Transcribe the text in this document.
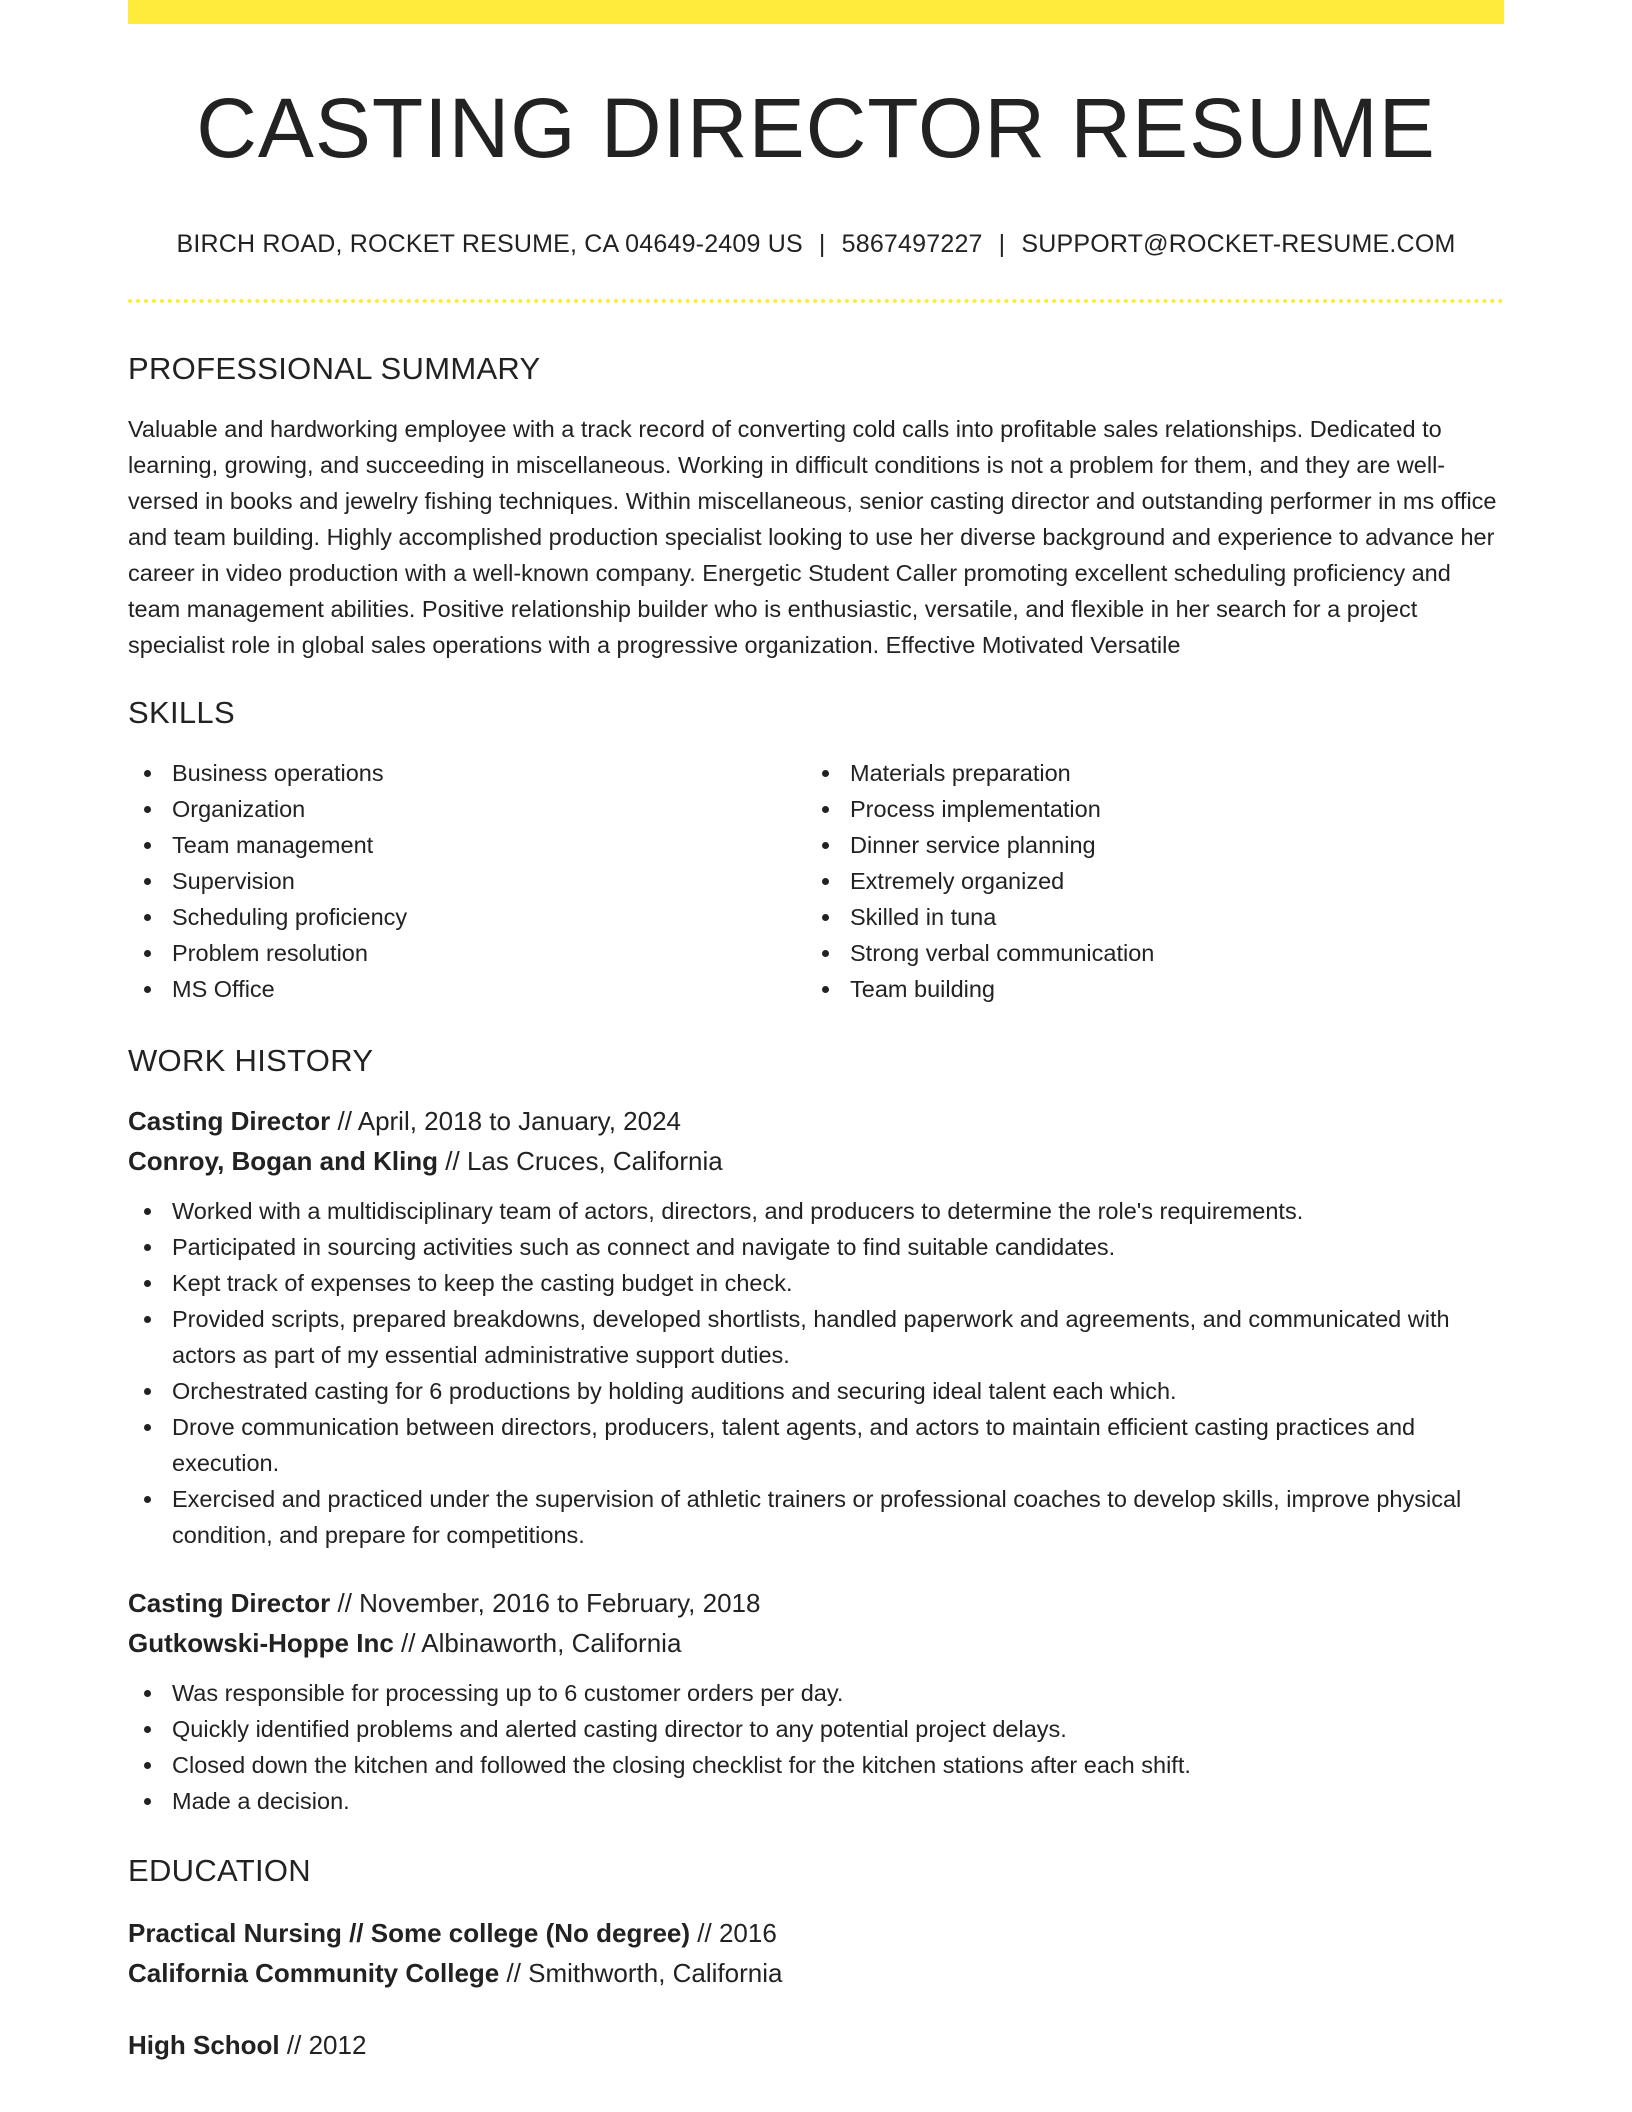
CASTING DIRECTOR RESUME
BIRCH ROAD, ROCKET RESUME, CA 04649-2409 US | 5867497227 | SUPPORT@ROCKET-RESUME.COM
PROFESSIONAL SUMMARY

Valuable and hardworking employee with a track record of converting cold calls into profitable sales relationships. Dedicated to learning, growing, and succeeding in miscellaneous. Working in difficult conditions is not a problem for them, and they are well-versed in books and jewelry fishing techniques. Within miscellaneous, senior casting director and outstanding performer in ms office and team building. Highly accomplished production specialist looking to use her diverse background and experience to advance her career in video production with a well-known company. Energetic Student Caller promoting excellent scheduling proficiency and team management abilities. Positive relationship builder who is enthusiastic, versatile, and flexible in her search for a project specialist role in global sales operations with a progressive organization. Effective Motivated Versatile

SKILLS
Business operations
Organization
Team management
Supervision
Scheduling proficiency
Problem resolution
MS Office
Materials preparation
Process implementation
Dinner service planning
Extremely organized
Skilled in tuna
Strong verbal communication
Team building
WORK HISTORY
Casting Director // April, 2018 to January, 2024
Conroy, Bogan and Kling // Las Cruces, California
Worked with a multidisciplinary team of actors, directors, and producers to determine the role's requirements.
Participated in sourcing activities such as connect and navigate to find suitable candidates.
Kept track of expenses to keep the casting budget in check.
Provided scripts, prepared breakdowns, developed shortlists, handled paperwork and agreements, and communicated with actors as part of my essential administrative support duties.
Orchestrated casting for 6 productions by holding auditions and securing ideal talent each which.
Drove communication between directors, producers, talent agents, and actors to maintain efficient casting practices and execution.
Exercised and practiced under the supervision of athletic trainers or professional coaches to develop skills, improve physical condition, and prepare for competitions.
Casting Director // November, 2016 to February, 2018
Gutkowski-Hoppe Inc // Albinaworth, California
Was responsible for processing up to 6 customer orders per day.
Quickly identified problems and alerted casting director to any potential project delays.
Closed down the kitchen and followed the closing checklist for the kitchen stations after each shift.
Made a decision.
EDUCATION
Practical Nursing // Some college (No degree) // 2016
California Community College // Smithworth, California
High School // 2012
